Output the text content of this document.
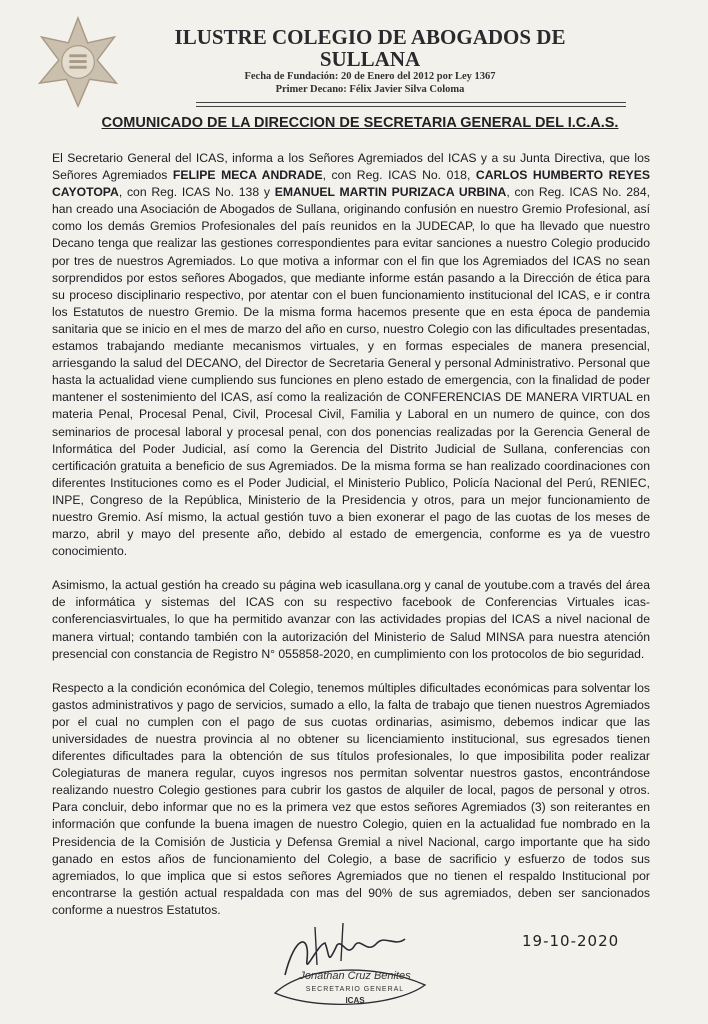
ILUSTRE COLEGIO DE ABOGADOS DE
SULLANA
Fecha de Fundación: 20 de Enero del 2012 por Ley 1367
Primer Decano: Félix Javier Silva Coloma
COMUNICADO DE LA DIRECCION DE SECRETARIA GENERAL DEL I.C.A.S.

El Secretario General del ICAS, informa a los Señores Agremiados del ICAS y a su Junta Directiva, que los Señores Agremiados FELIPE MECA ANDRADE, con Reg. ICAS No. 018, CARLOS HUMBERTO REYES CAYOTOPA, con Reg. ICAS No. 138 y EMANUEL MARTIN PURIZACA URBINA, con Reg. ICAS No. 284, han creado una Asociación de Abogados de Sullana, originando confusión en nuestro Gremio Profesional, así como los demás Gremios Profesionales del país reunidos en la JUDECAP, lo que ha llevado que nuestro Decano tenga que realizar las gestiones correspondientes para evitar sanciones a nuestro Colegio producido por tres de nuestros Agremiados. Lo que motiva a informar con el fin que los Agremiados del ICAS no sean sorprendidos por estos señores Abogados, que mediante informe están pasando a la Dirección de ética para su proceso disciplinario respectivo, por atentar con el buen funcionamiento institucional del ICAS, e ir contra los Estatutos de nuestro Gremio. De la misma forma hacemos presente que en esta época de pandemia sanitaria que se inicio en el mes de marzo del año en curso, nuestro Colegio con las dificultades presentadas, estamos trabajando mediante mecanismos virtuales, y en formas especiales de manera presencial, arriesgando la salud del DECANO, del Director de Secretaria General y personal Administrativo. Personal que hasta la actualidad viene cumpliendo sus funciones en pleno estado de emergencia, con la finalidad de poder mantener el sostenimiento del ICAS, así como la realización de CONFERENCIAS DE MANERA VIRTUAL en materia Penal, Procesal Penal, Civil, Procesal Civil, Familia y Laboral en un numero de quince, con dos seminarios de procesal laboral y procesal penal, con dos ponencias realizadas por la Gerencia General de Informática del Poder Judicial, así como la Gerencia del Distrito Judicial de Sullana, conferencias con certificación gratuita a beneficio de sus Agremiados. De la misma forma se han realizado coordinaciones con diferentes Instituciones como es el Poder Judicial, el Ministerio Publico, Policía Nacional del Perú, RENIEC, INPE, Congreso de la República, Ministerio de la Presidencia y otros, para un mejor funcionamiento de nuestro Gremio. Así mismo, la actual gestión tuvo a bien exonerar el pago de las cuotas de los meses de marzo, abril y mayo del presente año, debido al estado de emergencia, conforme es ya de vuestro conocimiento.

Asimismo, la actual gestión ha creado su página web icasullana.org y canal de youtube.com a través del área de informática y sistemas del ICAS con su respectivo facebook de Conferencias Virtuales icas-conferenciasvirtuales, lo que ha permitido avanzar con las actividades propias del ICAS a nivel nacional de manera virtual; contando también con la autorización del Ministerio de Salud MINSA para nuestra atención presencial con constancia de Registro N° 055858-2020, en cumplimiento con los protocolos de bio seguridad.

Respecto a la condición económica del Colegio, tenemos múltiples dificultades económicas para solventar los gastos administrativos y pago de servicios, sumado a ello, la falta de trabajo que tienen nuestros Agremiados por el cual no cumplen con el pago de sus cuotas ordinarias, asimismo, debemos indicar que las universidades de nuestra provincia al no obtener su licenciamiento institucional, sus egresados tienen diferentes dificultades para la obtención de sus títulos profesionales, lo que imposibilita poder realizar Colegiaturas de manera regular, cuyos ingresos nos permitan solventar nuestros gastos, encontrándose realizando nuestro Colegio gestiones para cubrir los gastos de alquiler de local, pagos de personal y otros. Para concluir, debo informar que no es la primera vez que estos señores Agremiados (3) son reiterantes en información que confunde la buena imagen de nuestro Colegio, quien en la actualidad fue nombrado en la Presidencia de la Comisión de Justicia y Defensa Gremial a nivel Nacional, cargo importante que ha sido ganado en estos años de funcionamiento del Colegio, a base de sacrificio y esfuerzo de todos sus agremiados, lo que implica que si estos señores Agremiados que no tienen el respaldo Institucional por encontrarse la gestión actual respaldada con mas del 90% de sus agremiados, deben ser sancionados conforme a nuestros Estatutos.

19-10-2020
Jonathan Cruz Benites
SECRETARIO GENERAL
ICAS
